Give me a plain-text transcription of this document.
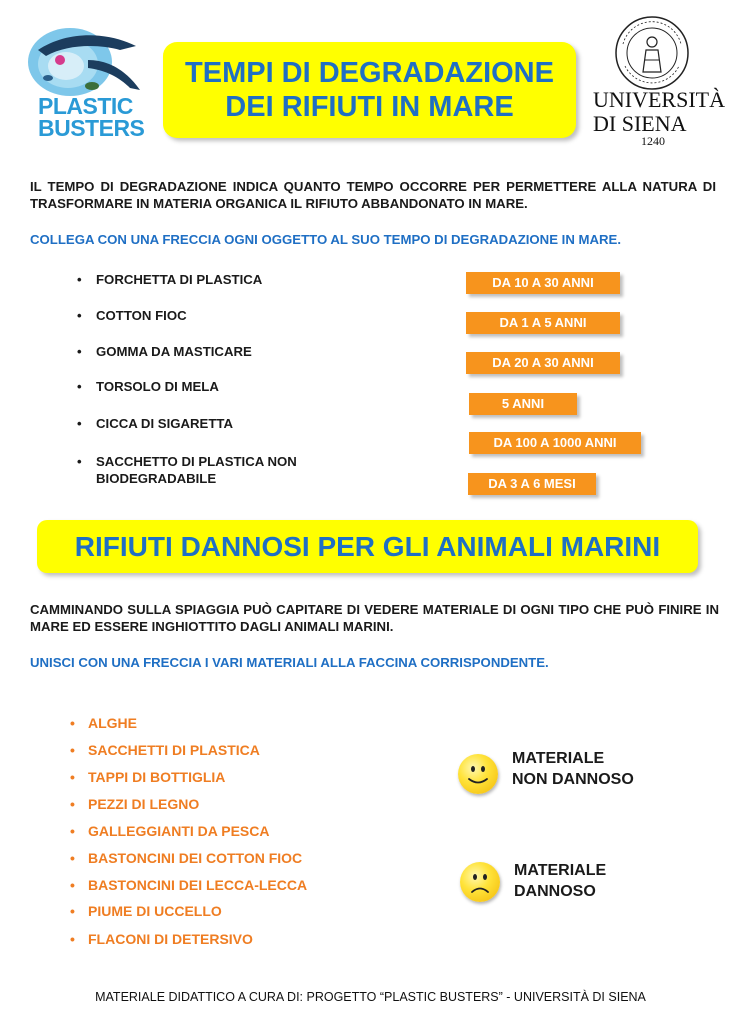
PLASTIC
BUSTERS
TEMPI DI DEGRADAZIONE
DEI RIFIUTI IN MARE	UNIVERSITÀ
DI SIENA
1240
IL TEMPO DI DEGRADAZIONE INDICA QUANTO TEMPO OCCORRE PER PERMETTERE ALLA NATURA DI TRASFORMARE IN MATERIA ORGANICA IL RIFIUTO ABBANDONATO IN MARE.
COLLEGA CON UNA FRECCIA OGNI OGGETTO AL SUO TEMPO DI DEGRADAZIONE IN MARE.
• FORCHETTA DI PLASTICA
• COTTON FIOC
• GOMMA DA MASTICARE
• TORSOLO DI MELA
• CICCA DI SIGARETTA
• SACCHETTO DI PLASTICA NON BIODEGRADABILE
DA 10 A 30 ANNI
DA 1 A 5 ANNI
DA 20 A 30 ANNI
5 ANNI
DA 100 A 1000 ANNI
DA 3 A 6 MESI
RIFIUTI DANNOSI PER GLI ANIMALI MARINI
CAMMINANDO SULLA SPIAGGIA PUÒ CAPITARE DI VEDERE MATERIALE DI OGNI TIPO CHE PUÒ FINIRE IN MARE ED ESSERE INGHIOTTITO DAGLI ANIMALI MARINI.
UNISCI CON UNA FRECCIA I VARI MATERIALI ALLA FACCINA CORRISPONDENTE.
• ALGHE
• SACCHETTI DI PLASTICA
• TAPPI DI BOTTIGLIA
• PEZZI DI LEGNO
• GALLEGGIANTI DA PESCA
• BASTONCINI DEI COTTON FIOC
• BASTONCINI DEI LECCA-LECCA
• PIUME DI UCCELLO
• FLACONI DI DETERSIVO
MATERIALE
NON DANNOSO
MATERIALE
DANNOSO
MATERIALE DIDATTICO A CURA DI: PROGETTO “PLASTIC BUSTERS” - UNIVERSITÀ DI SIENA
